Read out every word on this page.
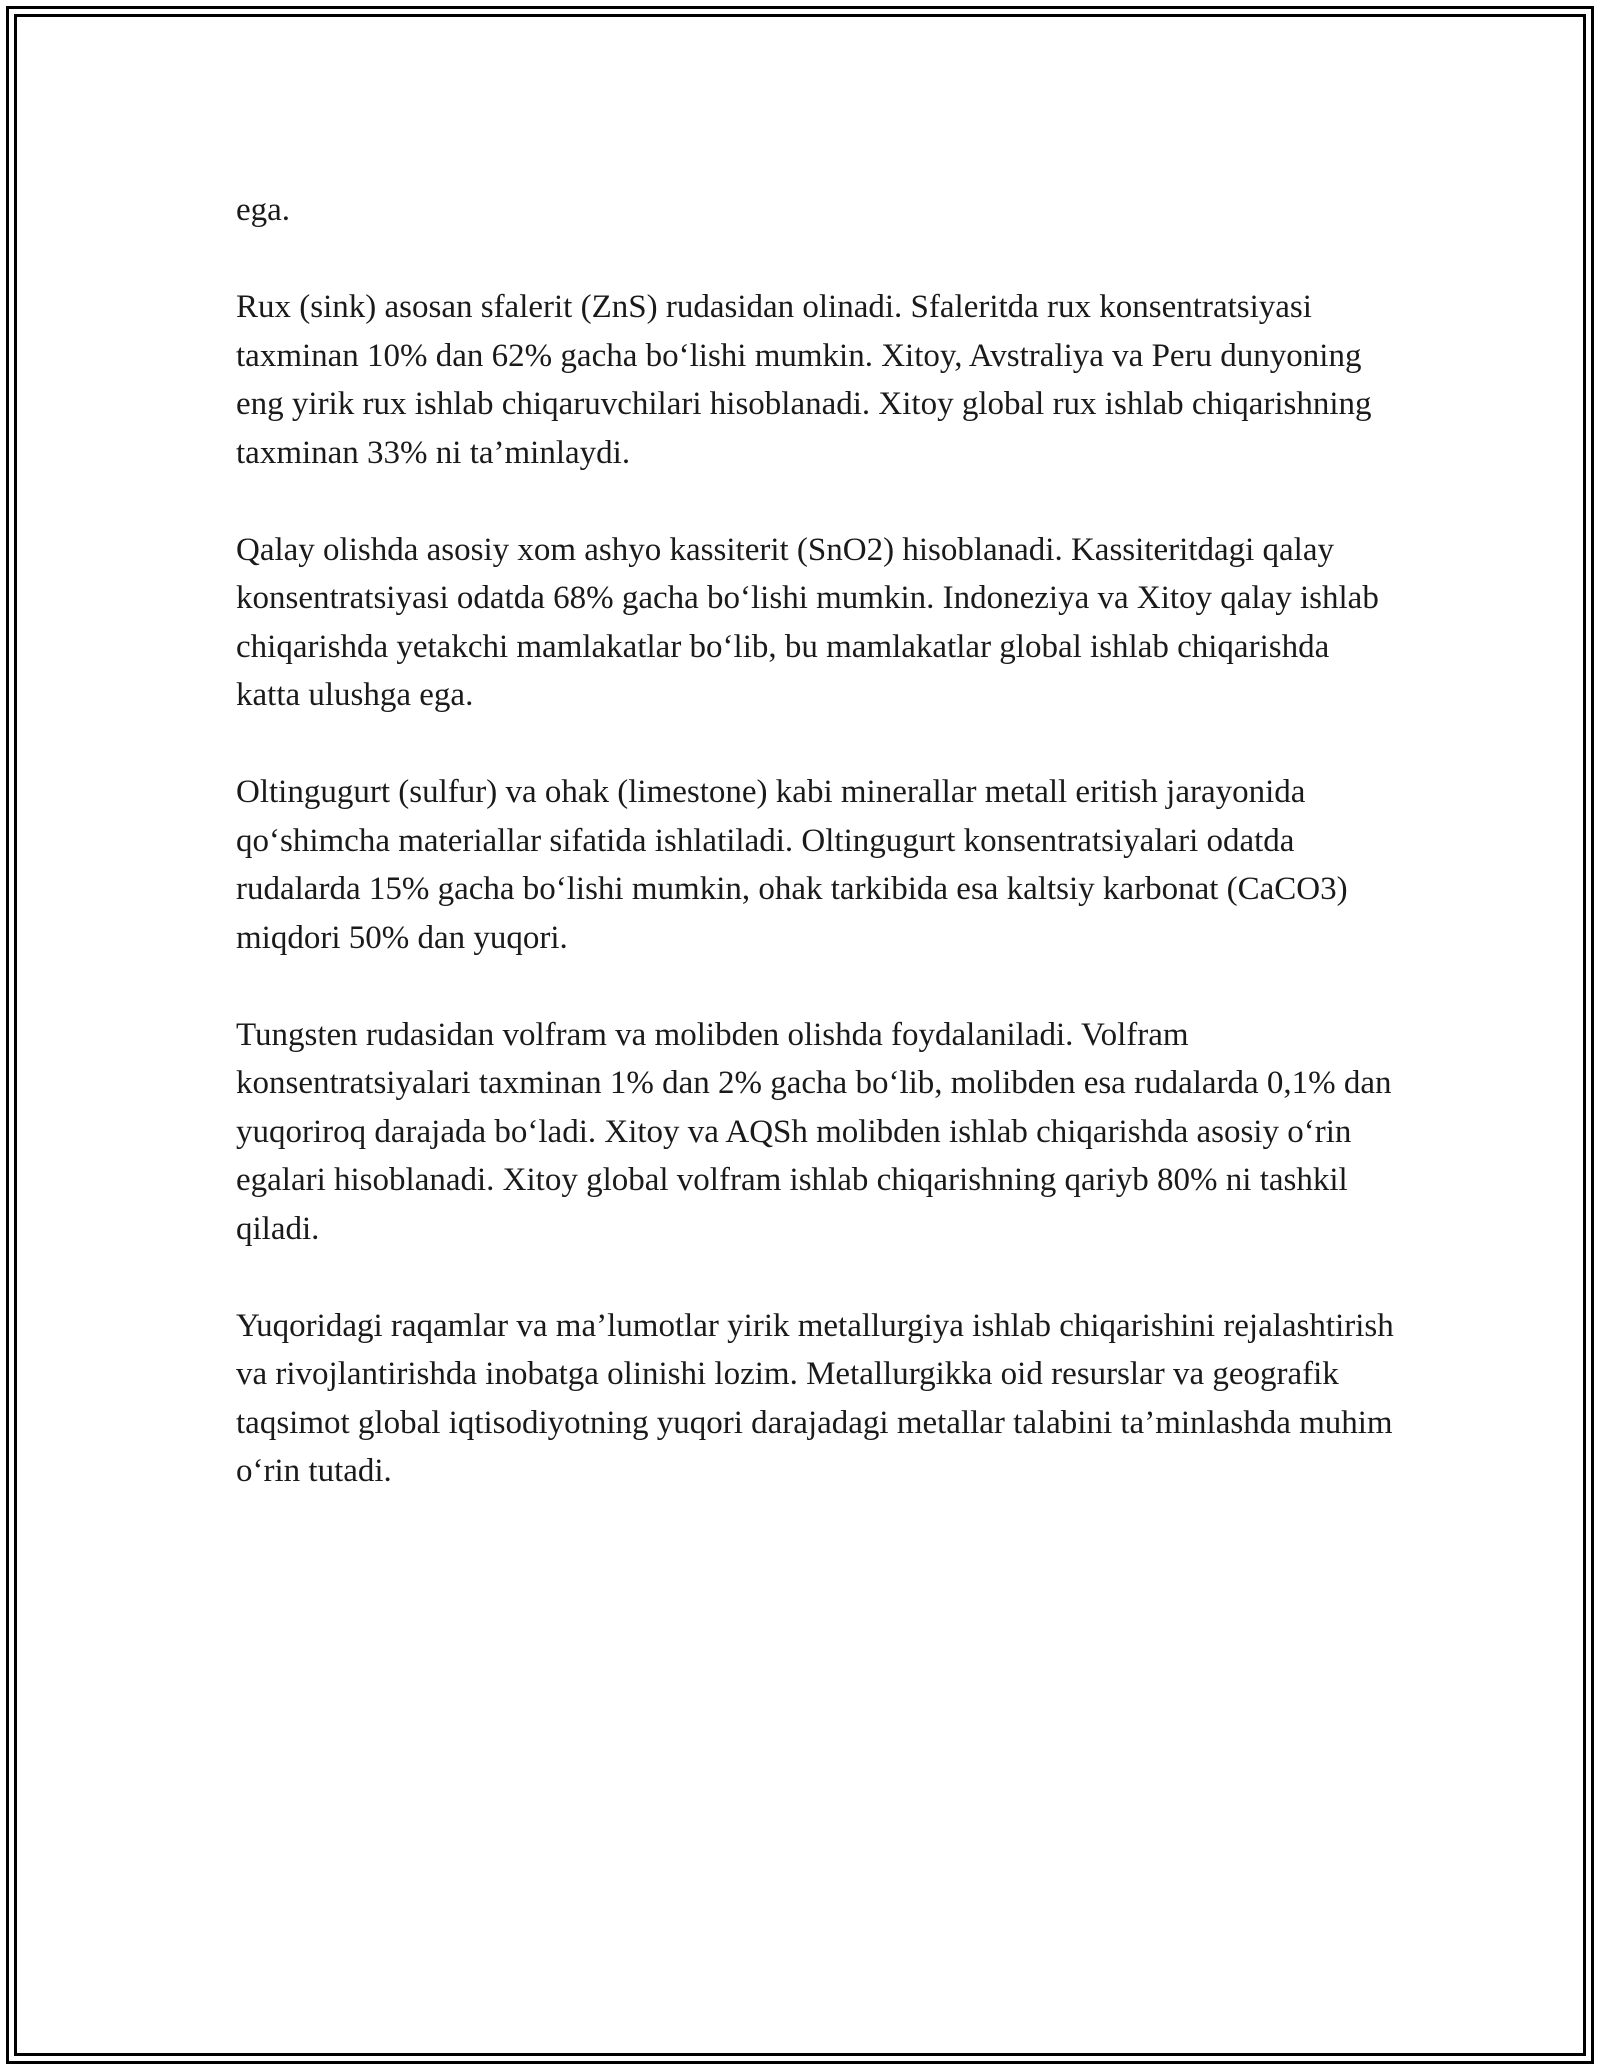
ega.

Rux (sink) asosan sfalerit (ZnS) rudasidan olinadi. Sfaleritda rux konsentratsiyasi taxminan 10% dan 62% gacha bo‘lishi mumkin. Xitoy, Avstraliya va Peru dunyoning eng yirik rux ishlab chiqaruvchilari hisoblanadi. Xitoy global rux ishlab chiqarishning taxminan 33% ni ta’minlaydi.

Qalay olishda asosiy xom ashyo kassiterit (SnO2) hisoblanadi. Kassiteritdagi qalay konsentratsiyasi odatda 68% gacha bo‘lishi mumkin. Indoneziya va Xitoy qalay ishlab chiqarishda yetakchi mamlakatlar bo‘lib, bu mamlakatlar global ishlab chiqarishda katta ulushga ega.

Oltingugurt (sulfur) va ohak (limestone) kabi minerallar metall eritish jarayonida qo‘shimcha materiallar sifatida ishlatiladi. Oltingugurt konsentratsiyalari odatda rudalarda 15% gacha bo‘lishi mumkin, ohak tarkibida esa kaltsiy karbonat (CaCO3) miqdori 50% dan yuqori.

Tungsten rudasidan volfram va molibden olishda foydalaniladi. Volfram konsentratsiyalari taxminan 1% dan 2% gacha bo‘lib, molibden esa rudalarda 0,1% dan yuqoriroq darajada bo‘ladi. Xitoy va AQSh molibden ishlab chiqarishda asosiy o‘rin egalari hisoblanadi. Xitoy global volfram ishlab chiqarishning qariyb 80% ni tashkil qiladi.

Yuqoridagi raqamlar va ma’lumotlar yirik metallurgiya ishlab chiqarishini rejalashtirish va rivojlantirishda inobatga olinishi lozim. Metallurgikka oid resurslar va geografik taqsimot global iqtisodiyotning yuqori darajadagi metallar talabini ta’minlashda muhim o‘rin tutadi.
